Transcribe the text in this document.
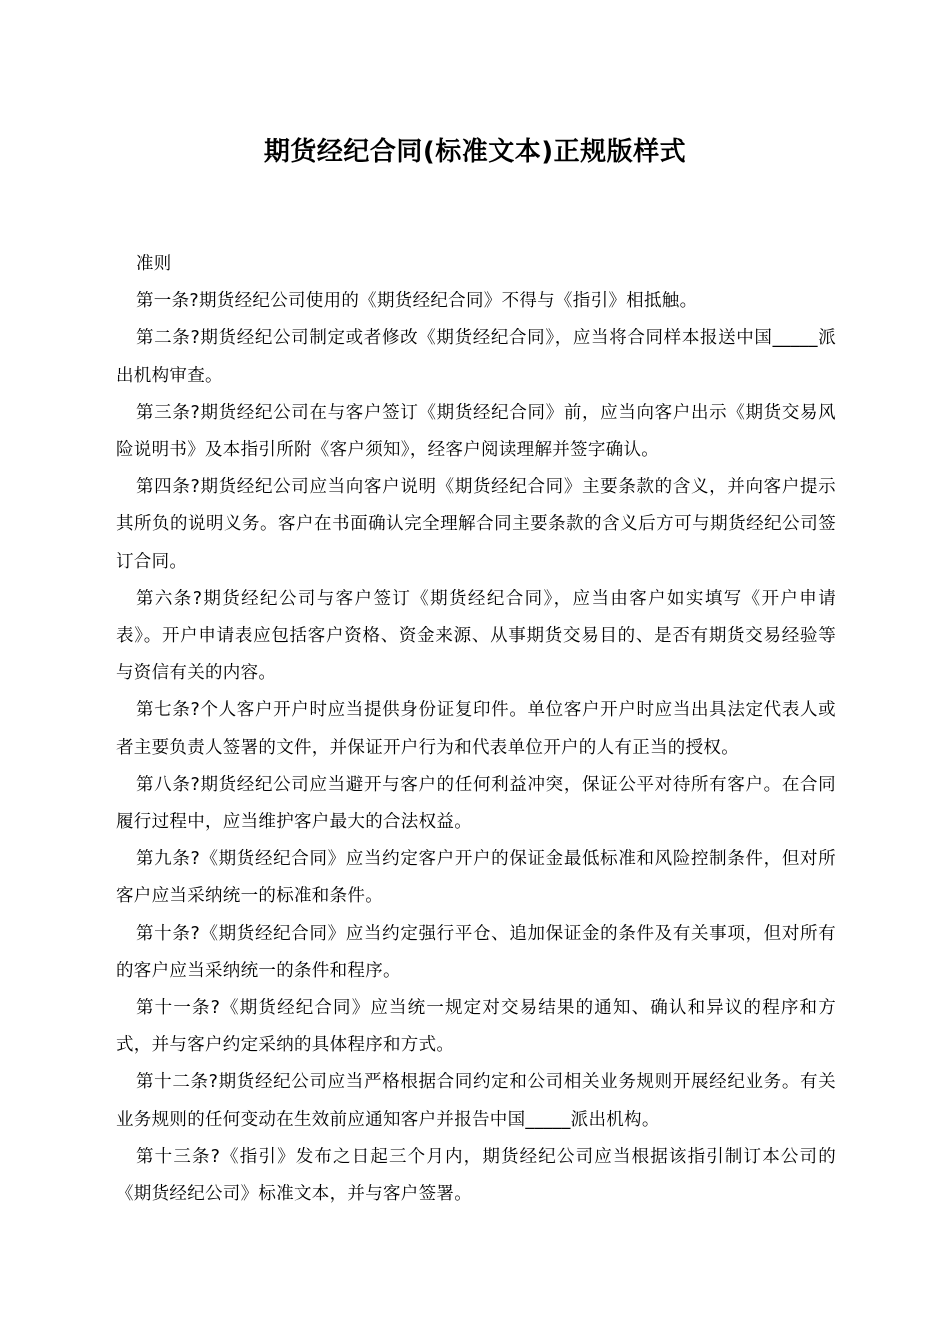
期货经纪合同(标准文本)正规版样式

准则

第一条?期货经纪公司使用的《期货经纪合同》不得与《指引》相抵触。

第二条?期货经纪公司制定或者修改《期货经纪合同》，应当将合同样本报送中国_____派出机构审查。

第三条?期货经纪公司在与客户签订《期货经纪合同》前，应当向客户出示《期货交易风险说明书》及本指引所附《客户须知》，经客户阅读理解并签字确认。

第四条?期货经纪公司应当向客户说明《期货经纪合同》主要条款的含义，并向客户提示其所负的说明义务。客户在书面确认完全理解合同主要条款的含义后方可与期货经纪公司签订合同。

第六条?期货经纪公司与客户签订《期货经纪合同》，应当由客户如实填写《开户申请表》。开户申请表应包括客户资格、资金来源、从事期货交易目的、是否有期货交易经验等与资信有关的内容。

第七条?个人客户开户时应当提供身份证复印件。单位客户开户时应当出具法定代表人或者主要负责人签署的文件，并保证开户行为和代表单位开户的人有正当的授权。

第八条?期货经纪公司应当避开与客户的任何利益冲突，保证公平对待所有客户。在合同履行过程中，应当维护客户最大的合法权益。

第九条?《期货经纪合同》应当约定客户开户的保证金最低标准和风险控制条件，但对所客户应当采纳统一的标准和条件。

第十条?《期货经纪合同》应当约定强行平仓、追加保证金的条件及有关事项，但对所有的客户应当采纳统一的条件和程序。

第十一条?《期货经纪合同》应当统一规定对交易结果的通知、确认和异议的程序和方式，并与客户约定采纳的具体程序和方式。

第十二条?期货经纪公司应当严格根据合同约定和公司相关业务规则开展经纪业务。有关业务规则的任何变动在生效前应通知客户并报告中国_____派出机构。

第十三条?《指引》发布之日起三个月内，期货经纪公司应当根据该指引制订本公司的《期货经纪公司》标准文本，并与客户签署。
